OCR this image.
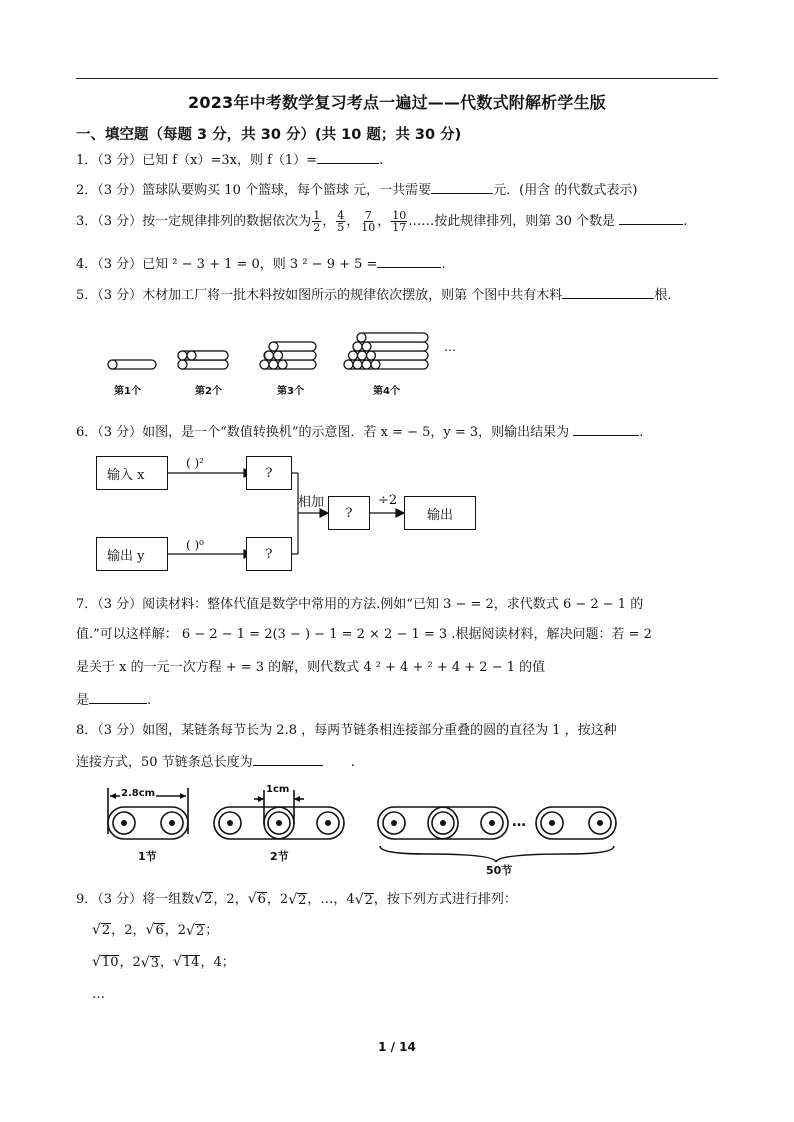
2023年中考数学复习考点一遍过——代数式附解析学生版
一、填空题（每题 3 分，共 30 分）(共 10 题；共 30 分)
1．（3 分）已知 f（x）=3x，则 f（1）=	.
2．（3 分）篮球队要购买 10 个篮球，每个篮球 元，一共需要	元．(用含 的代数式表示)
3．（3 分）按一定规律排列的数据依次为 $\frac{1}{2}$ ， $\frac{4}{5}$ ， $\frac{7}{10}$ ， $\frac{10}{17}$ ……按此规律排列，则第 30 个数是	.
4．（3 分）已知 ² − 3 + 1 = 0，则 3 ² − 9 + 5 =	.
5．（3 分）木材加工厂将一批木料按如图所示的规律依次摆放，则第 个图中共有木料	根.
第1个	第2个	第3个	第4个
…
6．（3 分）如图，是一个“数值转换机”的示意图．若 x = − 5，y = 3，则输出结果为	.
输入 x	?
输出 y	?
?	输出
( )²
( )⁰
相加	÷2
7．（3 分）阅读材料：整体代值是数学中常用的方法.例如“已知 3 − = 2，求代数式 6 − 2 − 1 的
值.”可以这样解： 6 − 2 − 1 = 2(3 − ) − 1 = 2 × 2 − 1 = 3 .根据阅读材料，解决问题：若 = 2
是关于 x 的一元一次方程 + = 3 的解，则代数式 4 ² + 4 + ² + 4 + 2 − 1 的值
是	.
8．（3 分）如图，某链条每节长为 2.8 ，每两节链条相连接部分重叠的圆的直径为 1 ，按这种
连接方式，50 节链条总长度为	.
2.8cm	1cm
1节	2节
50节
…
9．（3 分）将一组数 √ 2 ，2， √ 6 ， 2 √ 2 ，…， 4 √ 2 ，按下列方式进行排列：
√ 2 ，2， √ 6 ， 2 √ 2 ；
√ 10 ， 2 √ 3 ， √ 14 ，4；
…
1 / 14
